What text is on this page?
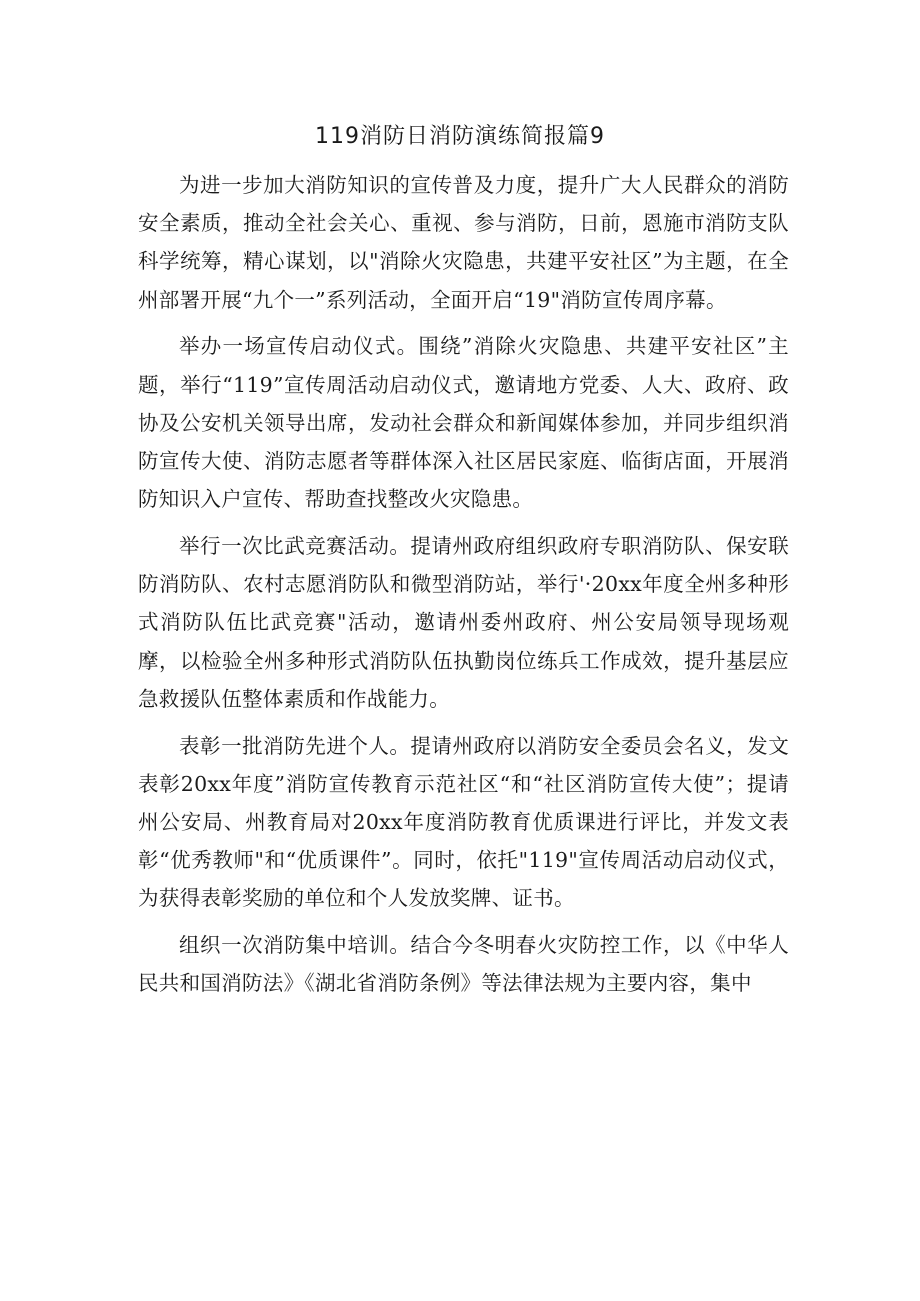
119消防日消防演练简报篇9

为进一步加大消防知识的宣传普及力度，提升广大人民群众的消防安全素质，推动全社会关心、重视、参与消防，日前，恩施市消防支队科学统筹，精心谋划，以"消除火灾隐患，共建平安社区”为主题，在全州部署开展“九个一”系列活动，全面开启“19"消防宣传周序幕。

举办一场宣传启动仪式。围绕”消除火灾隐患、共建平安社区”主题，举行“119”宣传周活动启动仪式，邀请地方党委、人大、政府、政协及公安机关领导出席，发动社会群众和新闻媒体参加，并同步组织消防宣传大使、消防志愿者等群体深入社区居民家庭、临街店面，开展消防知识入户宣传、帮助查找整改火灾隐患。

举行一次比武竞赛活动。提请州政府组织政府专职消防队、保安联防消防队、农村志愿消防队和微型消防站，举行'·20xx年度全州多种形式消防队伍比武竞赛"活动，邀请州委州政府、州公安局领导现场观摩，以检验全州多种形式消防队伍执勤岗位练兵工作成效，提升基层应急救援队伍整体素质和作战能力。

表彰一批消防先进个人。提请州政府以消防安全委员会名义，发文表彰20xx年度”消防宣传教育示范社区“和“社区消防宣传大使”；提请州公安局、州教育局对20xx年度消防教育优质课进行评比，并发文表彰“优秀教师"和“优质课件”。同时，依托"119"宣传周活动启动仪式，为获得表彰奖励的单位和个人发放奖牌、证书。

组织一次消防集中培训。结合今冬明春火灾防控工作，以《中华人民共和国消防法》《湖北省消防条例》等法律法规为主要内容，集中
